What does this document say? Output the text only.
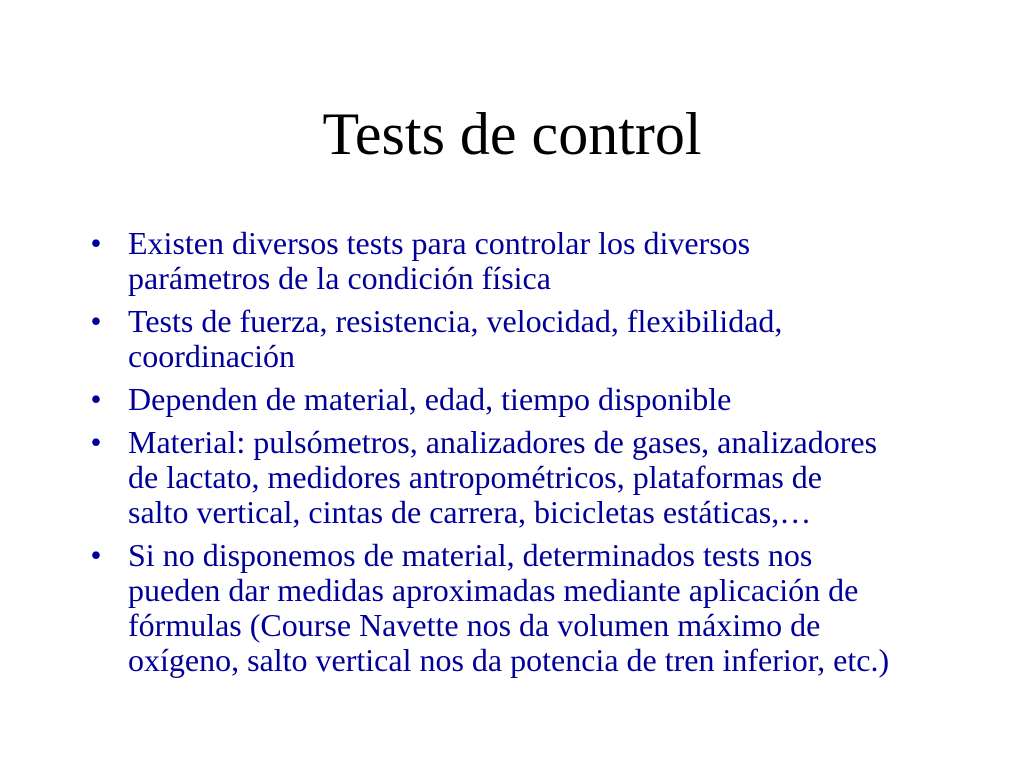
Tests de control
• Existen diversos tests para controlar los diversos
parámetros de la condición física
• Tests de fuerza, resistencia, velocidad, flexibilidad,
coordinación
• Dependen de material, edad, tiempo disponible
• Material: pulsómetros, analizadores de gases, analizadores
de lactato, medidores antropométricos, plataformas de
salto vertical, cintas de carrera, bicicletas estáticas,…
• Si no disponemos de material, determinados tests nos
pueden dar medidas aproximadas mediante aplicación de
fórmulas (Course Navette nos da volumen máximo de
oxígeno, salto vertical nos da potencia de tren inferior, etc.)
